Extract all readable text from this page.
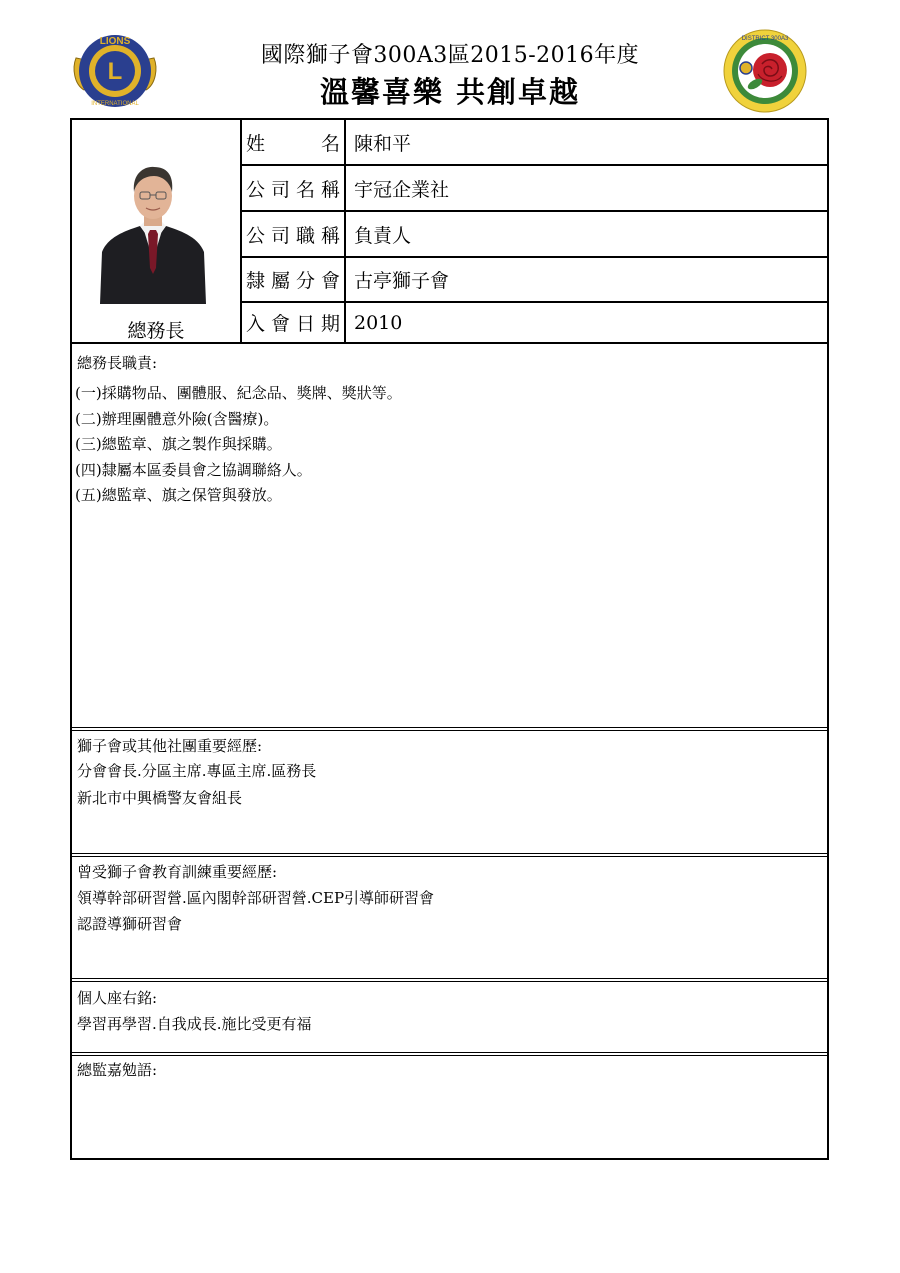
L
LIONS
INTERNATIONAL
國際獅子會300A3區2015-2016年度
溫馨喜樂 共創卓越
DISTRICT 300A3
總務長
姓名 陳和平
公司名稱 宇冠企業社
公司職稱 負責人
隸屬分會 古亭獅子會
入會日期 2010
總務長職責:
(一)採購物品、團體服、紀念品、獎牌、獎狀等。
(二)辦理團體意外險(含醫療)。
(三)總監章、旗之製作與採購。
(四)隸屬本區委員會之協調聯絡人。
(五)總監章、旗之保管與發放。
獅子會或其他社團重要經歷:
分會會長.分區主席.專區主席.區務長
新北市中興橋警友會組長
曾受獅子會教育訓練重要經歷:
領導幹部研習營.區內閣幹部研習營.CEP引導師研習會
認證導獅研習會
個人座右銘:
學習再學習.自我成長.施比受更有福
總監嘉勉語:
